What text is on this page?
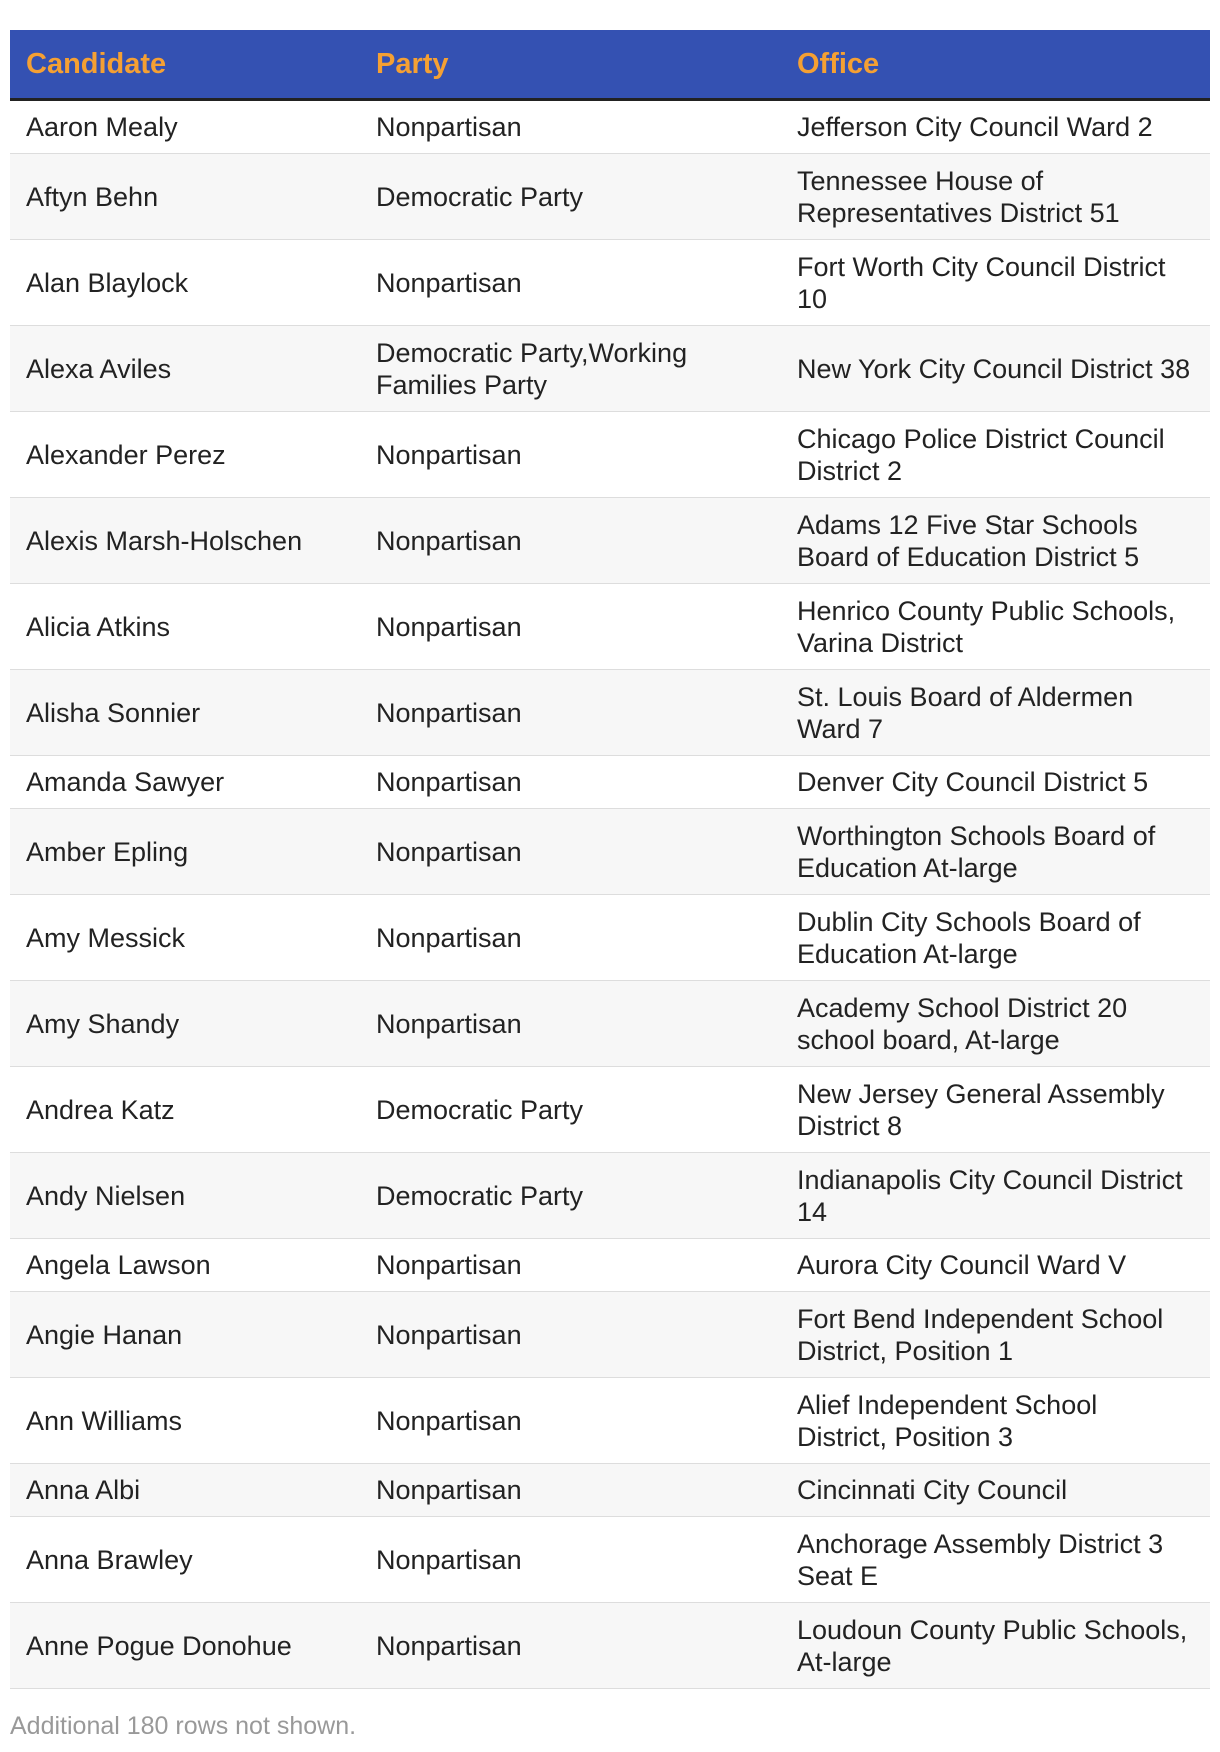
Candidate	Party	Office
Aaron Mealy	Nonpartisan	Jefferson City Council Ward 2
Aftyn Behn	Democratic Party	Tennessee House of Representatives District 51
Alan Blaylock	Nonpartisan	Fort Worth City Council District 10
Alexa Aviles	Democratic Party,Working Families Party	New York City Council District 38
Alexander Perez	Nonpartisan	Chicago Police District Council District 2
Alexis Marsh-Holschen	Nonpartisan	Adams 12 Five Star Schools Board of Education District 5
Alicia Atkins	Nonpartisan	Henrico County Public Schools, Varina District
Alisha Sonnier	Nonpartisan	St. Louis Board of Aldermen Ward 7
Amanda Sawyer	Nonpartisan	Denver City Council District 5
Amber Epling	Nonpartisan	Worthington Schools Board of Education At-large
Amy Messick	Nonpartisan	Dublin City Schools Board of Education At-large
Amy Shandy	Nonpartisan	Academy School District 20 school board, At-large
Andrea Katz	Democratic Party	New Jersey General Assembly District 8
Andy Nielsen	Democratic Party	Indianapolis City Council District 14
Angela Lawson	Nonpartisan	Aurora City Council Ward V
Angie Hanan	Nonpartisan	Fort Bend Independent School District, Position 1
Ann Williams	Nonpartisan	Alief Independent School District, Position 3
Anna Albi	Nonpartisan	Cincinnati City Council
Anna Brawley	Nonpartisan	Anchorage Assembly District 3 Seat E
Anne Pogue Donohue	Nonpartisan	Loudoun County Public Schools, At-large
Additional 180 rows not shown.
